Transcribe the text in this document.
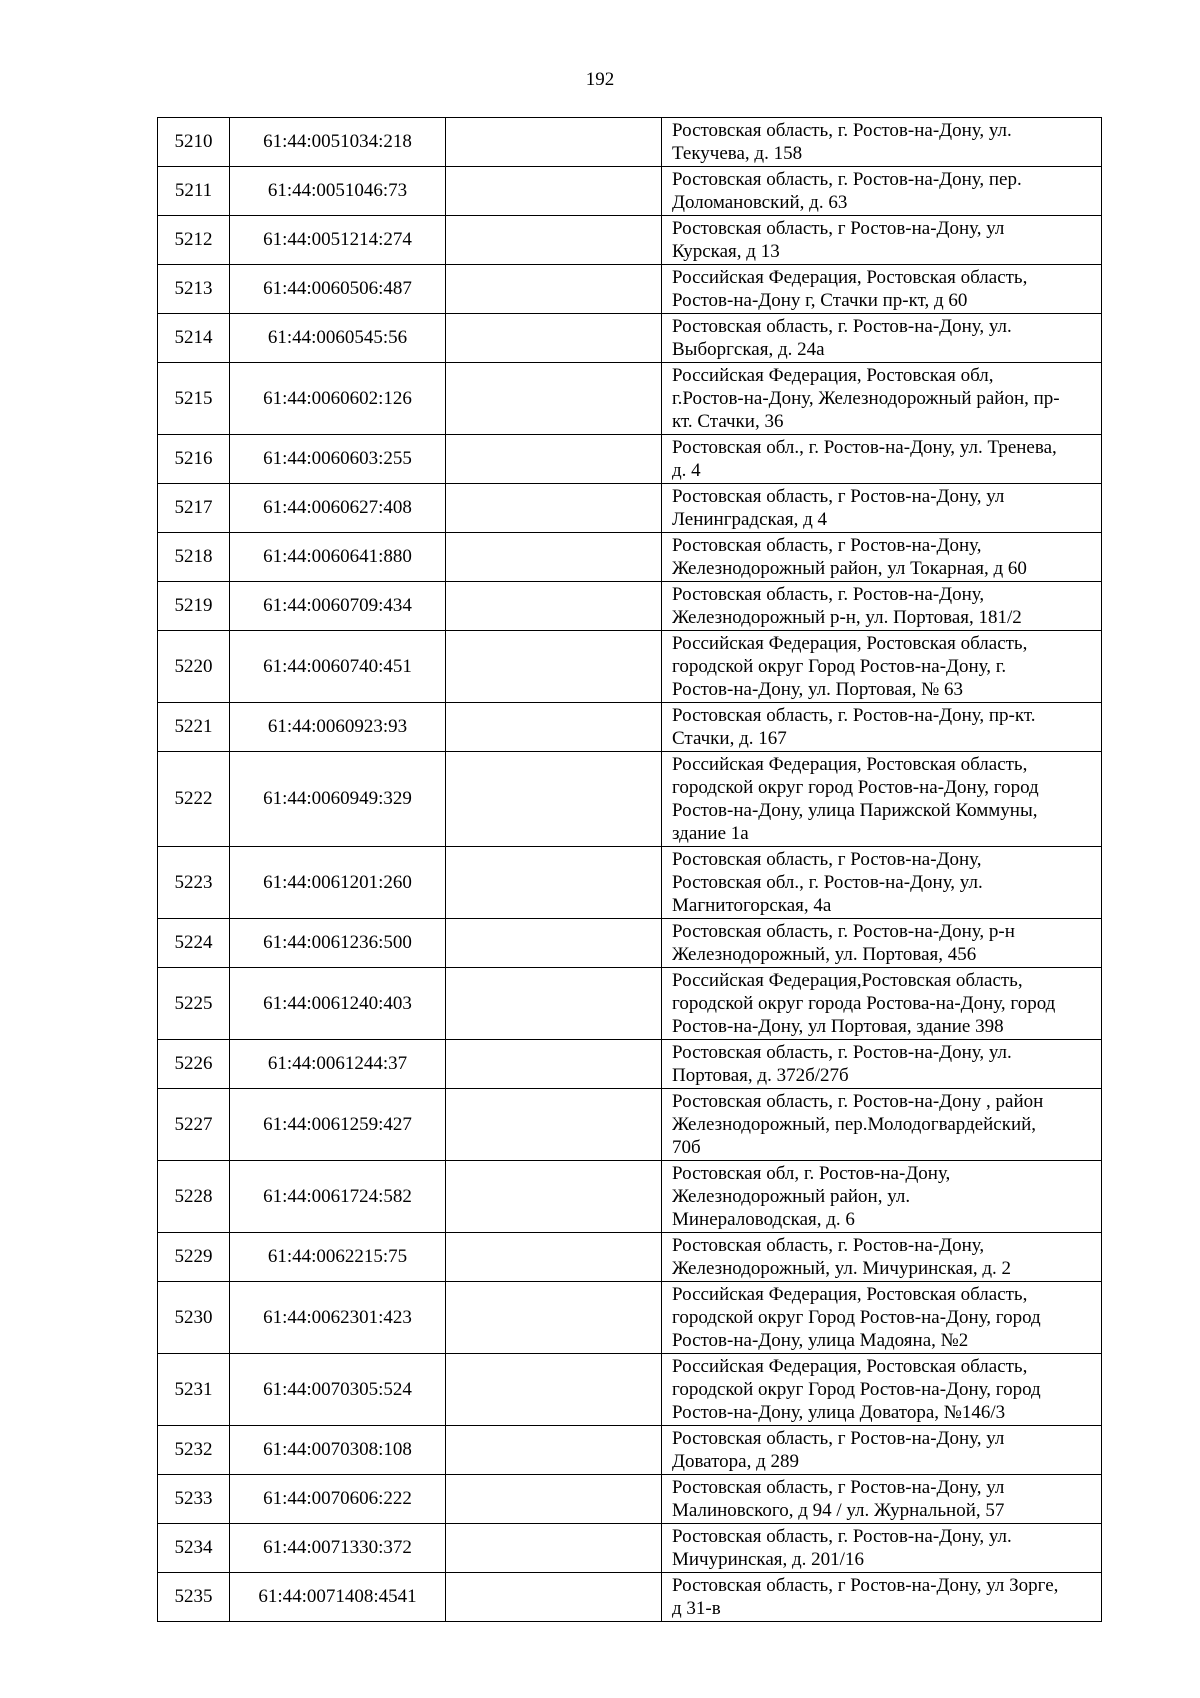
192
5210	61:44:0051034:218		Ростовская область, г. Ростов-на-Дону, ул.
Текучева, д. 158

5211	61:44:0051046:73		Ростовская область, г. Ростов-на-Дону, пер.
Доломановский, д. 63

5212	61:44:0051214:274		Ростовская область, г Ростов-на-Дону, ул
Курская, д 13

5213	61:44:0060506:487		Российская Федерация, Ростовская область,
Ростов-на-Дону г, Стачки пр-кт, д 60

5214	61:44:0060545:56		Ростовская область, г. Ростов-на-Дону, ул.
Выборгская, д. 24а

5215	61:44:0060602:126		Российская Федерация, Ростовская обл,
г.Ростов-на-Дону, Железнодорожный район, пр-
кт. Стачки, 36

5216	61:44:0060603:255		Ростовская обл., г. Ростов-на-Дону, ул. Тренева,
д. 4

5217	61:44:0060627:408		Ростовская область, г Ростов-на-Дону, ул
Ленинградская, д 4

5218	61:44:0060641:880		Ростовская область, г Ростов-на-Дону,
Железнодорожный район, ул Токарная, д 60

5219	61:44:0060709:434		Ростовская область, г. Ростов-на-Дону,
Железнодорожный р-н, ул. Портовая, 181/2

5220	61:44:0060740:451		Российская Федерация, Ростовская область,
городской округ Город Ростов-на-Дону, г.
Ростов-на-Дону, ул. Портовая, № 63

5221	61:44:0060923:93		Ростовская область, г. Ростов-на-Дону, пр-кт.
Стачки, д. 167

5222	61:44:0060949:329		Российская Федерация, Ростовская область,
городской округ город Ростов-на-Дону, город
Ростов-на-Дону, улица Парижской Коммуны,
здание 1а

5223	61:44:0061201:260		Ростовская область, г Ростов-на-Дону,
Ростовская обл., г. Ростов-на-Дону, ул.
Магнитогорская, 4а

5224	61:44:0061236:500		Ростовская область, г. Ростов-на-Дону, р-н
Железнодорожный, ул. Портовая, 456

5225	61:44:0061240:403		Российская Федерация,Ростовская область,
городской округ города Ростова-на-Дону, город
Ростов-на-Дону, ул Портовая, здание 398

5226	61:44:0061244:37		Ростовская область, г. Ростов-на-Дону, ул.
Портовая, д. 372б/27б

5227	61:44:0061259:427		Ростовская область, г. Ростов-на-Дону , район
Железнодорожный, пер.Молодогвардейский,
70б

5228	61:44:0061724:582		Ростовская обл, г. Ростов-на-Дону,
Железнодорожный район, ул.
Минераловодская, д. 6

5229	61:44:0062215:75		Ростовская область, г. Ростов-на-Дону,
Железнодорожный, ул. Мичуринская, д. 2

5230	61:44:0062301:423		Российская Федерация, Ростовская область,
городской округ Город Ростов-на-Дону, город
Ростов-на-Дону, улица Мадояна, №2

5231	61:44:0070305:524		Российская Федерация, Ростовская область,
городской округ Город Ростов-на-Дону, город
Ростов-на-Дону, улица Доватора, №146/3

5232	61:44:0070308:108		Ростовская область, г Ростов-на-Дону, ул
Доватора, д 289

5233	61:44:0070606:222		Ростовская область, г Ростов-на-Дону, ул
Малиновского, д 94 / ул. Журнальной, 57

5234	61:44:0071330:372		Ростовская область, г. Ростов-на-Дону, ул.
Мичуринская, д. 201/16

5235	61:44:0071408:4541		Ростовская область, г Ростов-на-Дону, ул Зорге,
д 31-в
